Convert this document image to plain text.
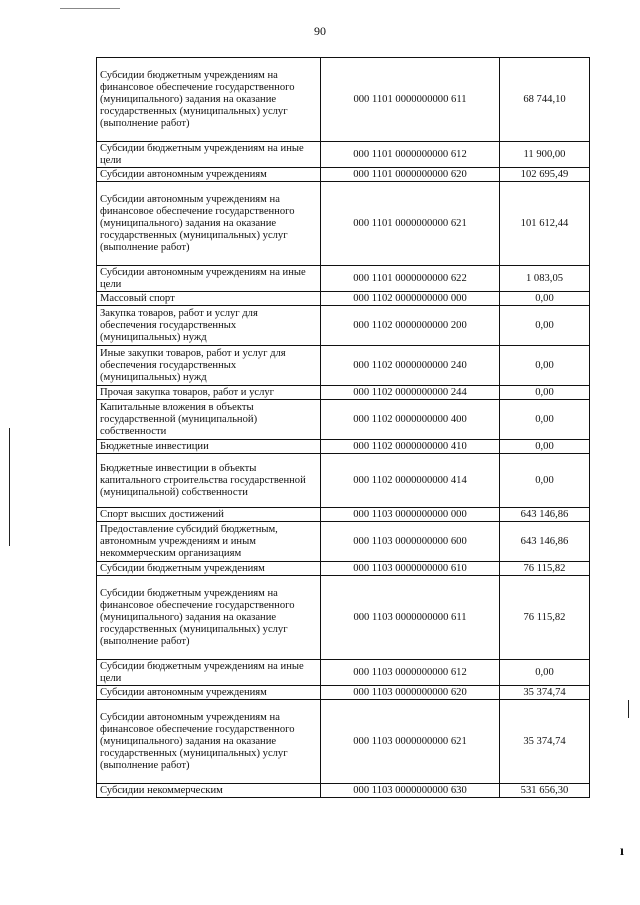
90
Субсидии бюджетным учреждениям на финансовое обеспечение государственного (муниципального) задания на оказание государственных (муниципальных) услуг (выполнение работ)	000 1101 0000000000 611	68 744,10
Субсидии бюджетным учреждениям на иные цели	000 1101 0000000000 612	11 900,00
Субсидии автономным учреждениям	000 1101 0000000000 620	102 695,49
Субсидии автономным учреждениям на финансовое обеспечение государственного (муниципального) задания на оказание государственных (муниципальных) услуг (выполнение работ)	000 1101 0000000000 621	101 612,44
Субсидии автономным учреждениям на иные цели	000 1101 0000000000 622	1 083,05
Массовый спорт	000 1102 0000000000 000	0,00
Закупка товаров, работ и услуг для обеспечения государственных (муниципальных) нужд	000 1102 0000000000 200	0,00
Иные закупки товаров, работ и услуг для обеспечения государственных (муниципальных) нужд	000 1102 0000000000 240	0,00
Прочая закупка товаров, работ и услуг	000 1102 0000000000 244	0,00
Капитальные вложения в объекты государственной (муниципальной) собственности	000 1102 0000000000 400	0,00
Бюджетные инвестиции	000 1102 0000000000 410	0,00
Бюджетные инвестиции в объекты капитального строительства государственной (муниципальной) собственности	000 1102 0000000000 414	0,00
Спорт высших достижений	000 1103 0000000000 000	643 146,86
Предоставление субсидий бюджетным, автономным учреждениям и иным некоммерческим организациям	000 1103 0000000000 600	643 146,86
Субсидии бюджетным учреждениям	000 1103 0000000000 610	76 115,82
Субсидии бюджетным учреждениям на финансовое обеспечение государственного (муниципального) задания на оказание государственных (муниципальных) услуг (выполнение работ)	000 1103 0000000000 611	76 115,82
Субсидии бюджетным учреждениям на иные цели	000 1103 0000000000 612	0,00
Субсидии автономным учреждениям	000 1103 0000000000 620	35 374,74
Субсидии автономным учреждениям на финансовое обеспечение государственного (муниципального) задания на оказание государственных (муниципальных) услуг (выполнение работ)	000 1103 0000000000 621	35 374,74
Субсидии некоммерческим	000 1103 0000000000 630	531 656,30
ı
